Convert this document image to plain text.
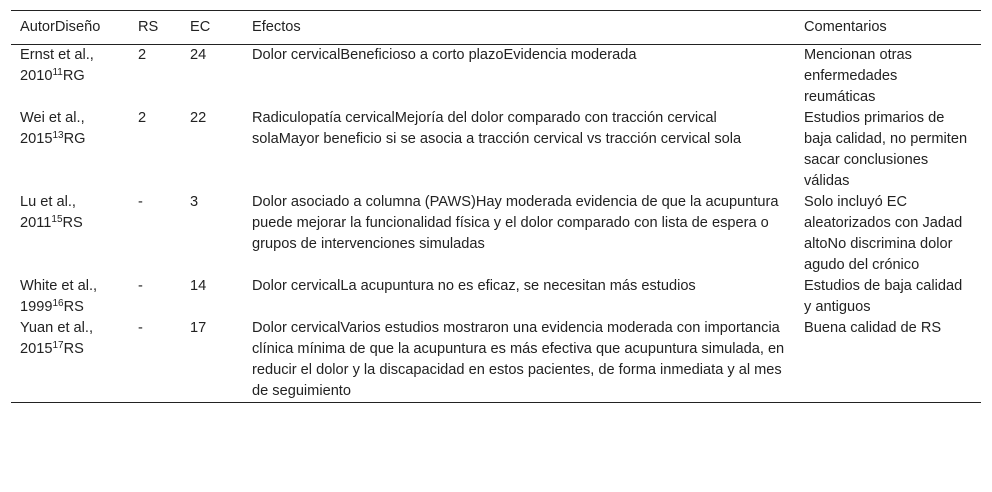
AutorDiseño	RS	EC	Efectos	Comentarios
Ernst et al., 2010$^{11}$RG	2	24	Dolor cervicalBeneficioso a corto plazoEvidencia moderada	Mencionan otras enfermedades reumáticas
Wei et al., 2015$^{13}$RG	2	22	Radiculopatía cervicalMejoría del dolor comparado con tracción cervical solaMayor beneficio si se asocia a tracción cervical vs tracción cervical sola	Estudios primarios de baja calidad, no permiten sacar conclusiones válidas
Lu et al., 2011$^{15}$RS	-	3	Dolor asociado a columna (PAWS)Hay moderada evidencia de que la acupuntura puede mejorar la funcionalidad física y el dolor comparado con lista de espera o grupos de intervenciones simuladas	Solo incluyó EC aleatorizados con Jadad altoNo discrimina dolor agudo del crónico
White et al., 1999$^{16}$RS	-	14	Dolor cervicalLa acupuntura no es eficaz, se necesitan más estudios	Estudios de baja calidad y antiguos
Yuan et al., 2015$^{17}$RS	-	17	Dolor cervicalVarios estudios mostraron una evidencia moderada con importancia clínica mínima de que la acupuntura es más efectiva que acupuntura simulada, en reducir el dolor y la discapacidad en estos pacientes, de forma inmediata y al mes de seguimiento	Buena calidad de RS
